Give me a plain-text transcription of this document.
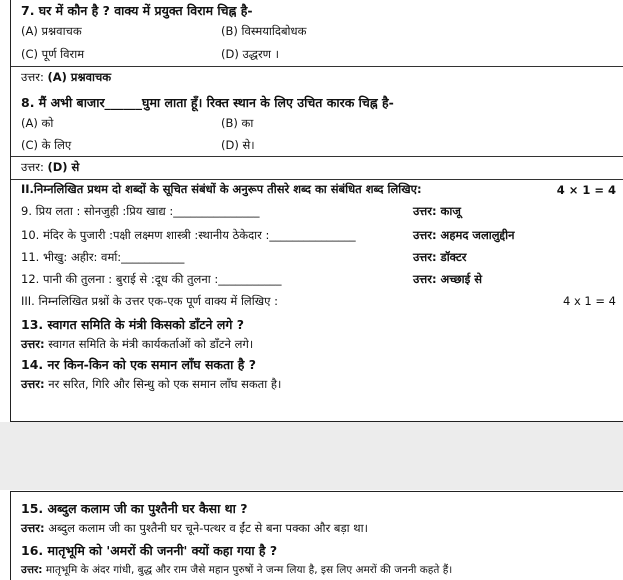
7. घर में कौन है ? वाक्य में प्रयुक्त विराम चिह्न है-
(A) प्रश्नवाचक	(B) विस्मयादिबोधक
(C) पूर्ण विराम	(D) उद्धरण ।
उत्तर: (A) प्रश्नवाचक
8. मैं अभी बाजार______घुमा लाता हूँ। रिक्त स्थान के लिए उचित कारक चिह्न है-
(A) को	(B) का
(C) के लिए	(D) से।
उत्तर: (D) से
II.निम्नलिखित प्रथम दो शब्दों के सूचित संबंधों के अनुरूप तीसरे शब्द का संबंधित शब्द लिखिए:	4 × 1 = 4
9. प्रिय लता : सोनजुही :प्रिय खाद्य :_______________	उत्तर: काजू
10. मंदिर के पुजारी :पक्षी लक्ष्मण शास्त्री :स्थानीय ठेकेदार :_______________	उत्तर: अहमद जलालुद्दीन
11. भीखु: अहीर: वर्मा:___________	उत्तर: डॉक्टर
12. पानी की तुलना : बुराई से :दूध की तुलना :___________	उत्तर: अच्छाई से
III. निम्नलिखित प्रश्नों के उत्तर एक-एक पूर्ण वाक्य में लिखिए :	4 x 1 = 4
13. स्वागत समिति के मंत्री किसको डाँटने लगे ?
उत्तर: स्वागत समिति के मंत्री कार्यकर्ताओं को डाँटने लगे।
14. नर किन-किन को एक समान लाँघ सकता है ?
उत्तर: नर सरित, गिरि और सिन्धु को एक समान लाँघ सकता है।
15. अब्दुल कलाम जी का पुश्तैनी घर कैसा था ?
उत्तर: अब्दुल कलाम जी का पुश्तैनी घर चूने-पत्थर व ईंट से बना पक्का और बड़ा था।
16. मातृभूमि को 'अमरों की जननी' क्यों कहा गया है ?
उत्तर: मातृभूमि के अंदर गांधी, बुद्ध और राम जैसे महान पुरुषों ने जन्म लिया है, इस लिए अमरों की जननी कहते हैं।
